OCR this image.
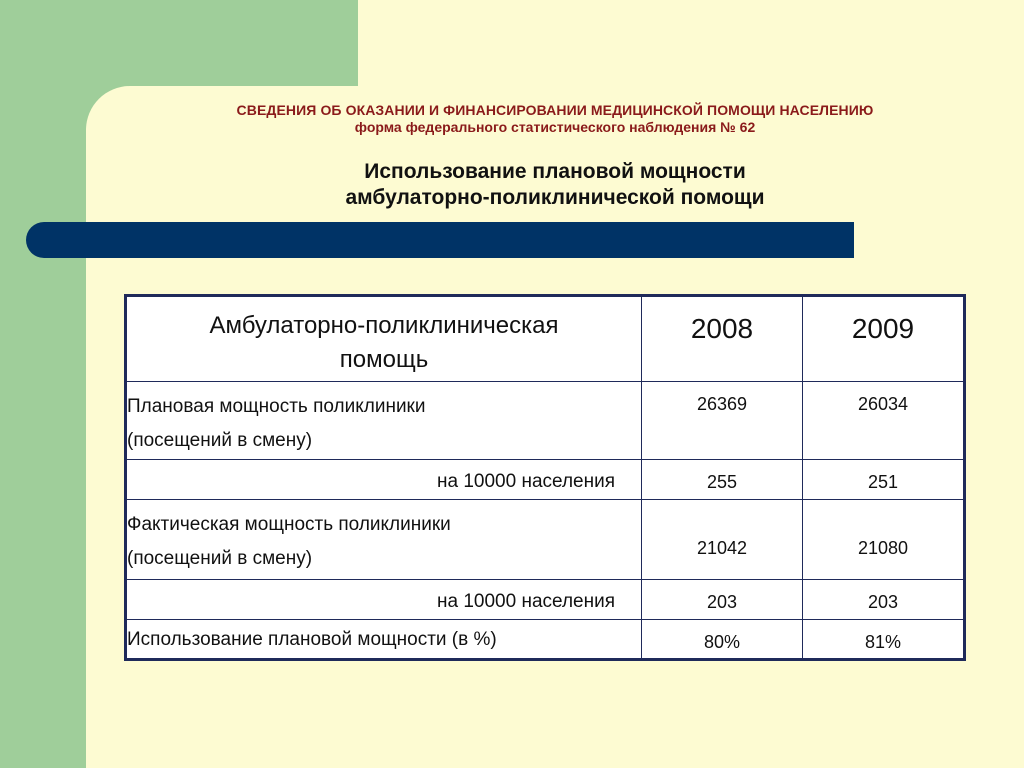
СВЕДЕНИЯ ОБ ОКАЗАНИИ И ФИНАНСИРОВАНИИ МЕДИЦИНСКОЙ ПОМОЩИ НАСЕЛЕНИЮ
форма федерального статистического наблюдения № 62
Использование плановой мощности
амбулаторно-поликлинической помощи
Амбулаторно-поликлиническая
помощь	2008	2009

Плановая мощность поликлиники
(посещений в смену)	26369	26034

на 10000 населения	255	251

Фактическая мощность поликлиники
(посещений в смену)	21042	21080

на 10000 населения	203	203

Использование плановой мощности (в %)	80%	81%
